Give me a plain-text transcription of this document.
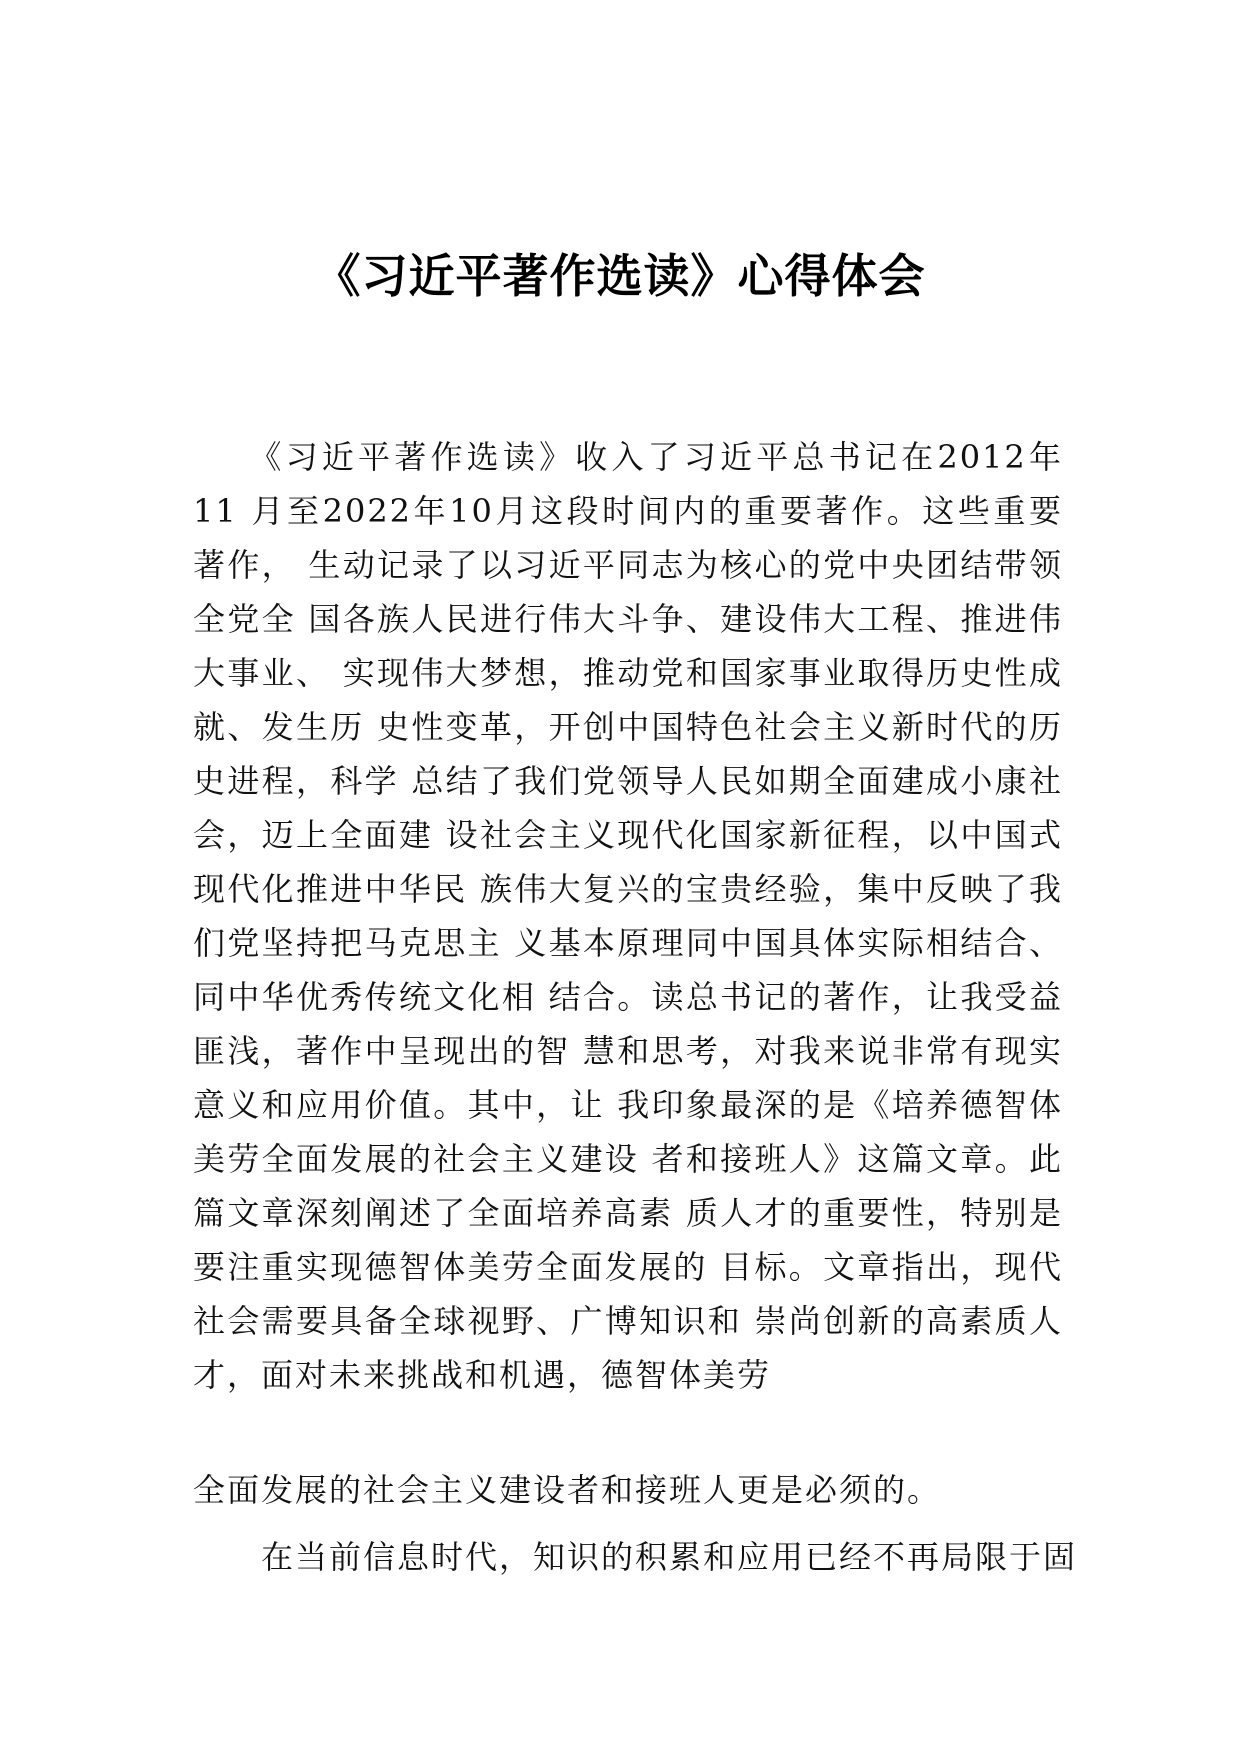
《习近平著作选读》心得体会
　　《习近平著作选读》收入了习近平总书记在2012年
11 月至2022年10月这段时间内的重要著作。这些重要
著作， 生动记录了以习近平同志为核心的党中央团结带领
全党全 国各族人民进行伟大斗争、建设伟大工程、推进伟
大事业、 实现伟大梦想，推动党和国家事业取得历史性成
就、发生历 史性变革，开创中国特色社会主义新时代的历
史进程，科学 总结了我们党领导人民如期全面建成小康社
会，迈上全面建 设社会主义现代化国家新征程，以中国式
现代化推进中华民 族伟大复兴的宝贵经验，集中反映了我
们党坚持把马克思主 义基本原理同中国具体实际相结合、
同中华优秀传统文化相 结合。读总书记的著作，让我受益
匪浅，著作中呈现出的智 慧和思考，对我来说非常有现实
意义和应用价值。其中，让 我印象最深的是《培养德智体
美劳全面发展的社会主义建设 者和接班人》这篇文章。此
篇文章深刻阐述了全面培养高素 质人才的重要性，特别是
要注重实现德智体美劳全面发展的 目标。文章指出，现代
社会需要具备全球视野、广博知识和 崇尚创新的高素质人
才，面对未来挑战和机遇，德智体美劳
全面发展的社会主义建设者和接班人更是必须的。
　　在当前信息时代，知识的积累和应用已经不再局限于固
